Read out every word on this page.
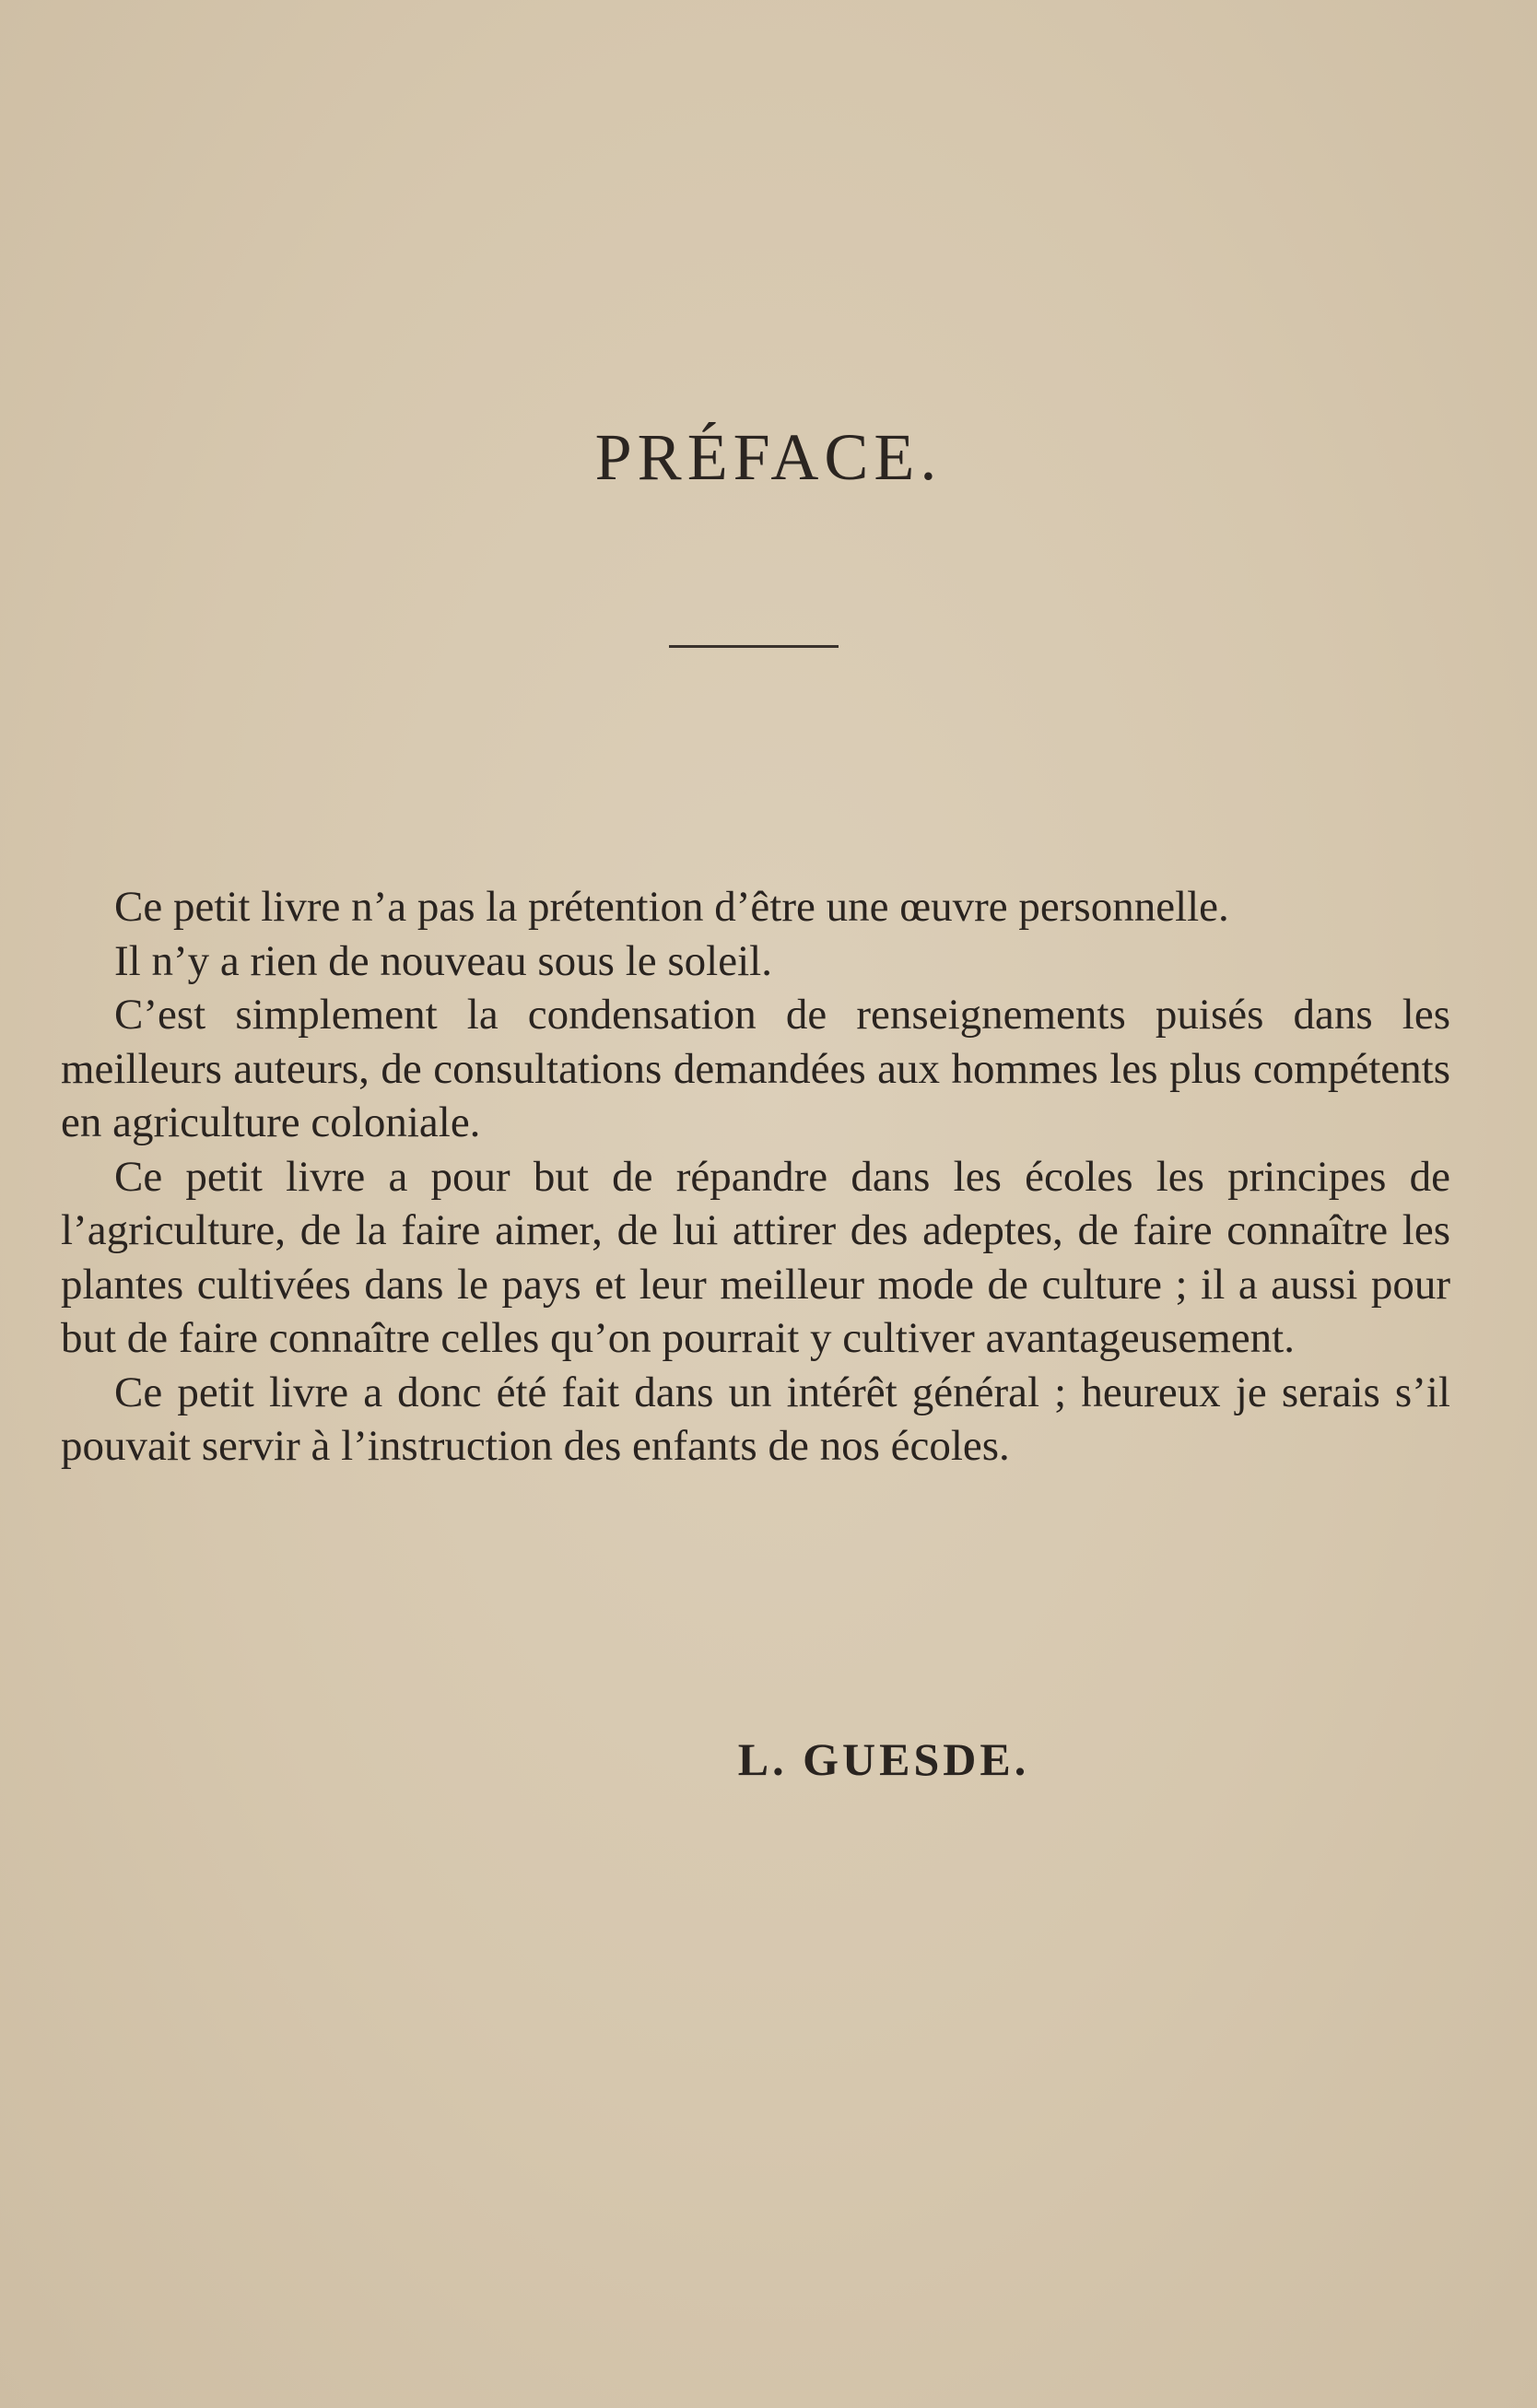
PRÉFACE.

Ce petit livre n’a pas la prétention d’être une œuvre personnelle.

Il n’y a rien de nouveau sous le soleil.

C’est simplement la condensation de renseignements puisés dans les meilleurs auteurs, de consultations demandées aux hommes les plus compétents en agriculture coloniale.

Ce petit livre a pour but de répandre dans les écoles les principes de l’agriculture, de la faire aimer, de lui attirer des adeptes, de faire connaître les plantes cultivées dans le pays et leur meilleur mode de culture ; il a aussi pour but de faire connaître celles qu’on pourrait y cultiver avantageusement.

Ce petit livre a donc été fait dans un intérêt général ; heureux je serais s’il pouvait servir à l’instruction des enfants de nos écoles.

L. GUESDE.
